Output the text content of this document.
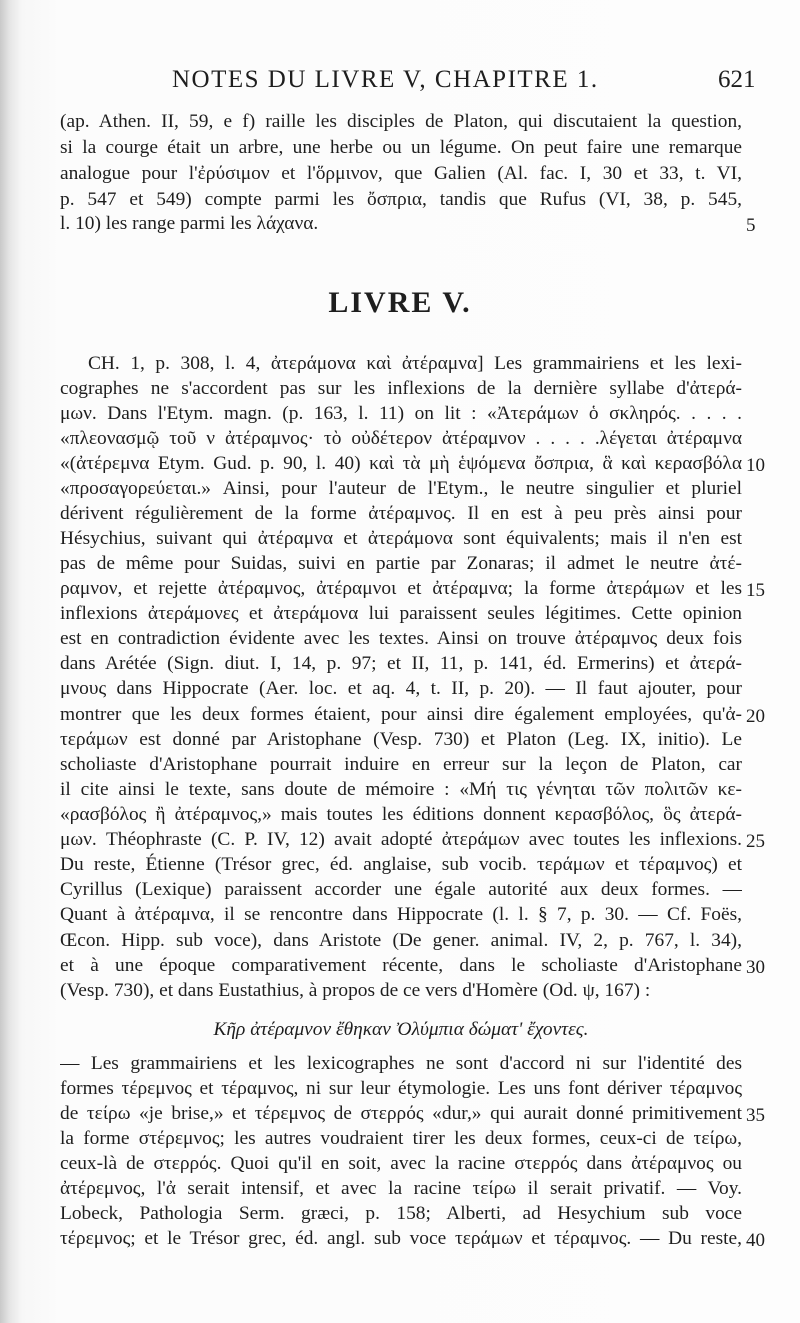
NOTES DU LIVRE V, CHAPITRE 1.	621
(ap. Athen. II, 59, e f) raille les disciples de Platon, qui discutaient la question,
si la courge était un arbre, une herbe ou un légume. On peut faire une remarque
analogue pour l'ἐρύσιμον et l'ὅρμινον, que Galien (Al. fac. I, 30 et 33, t. VI,
p. 547 et 549) compte parmi les ὄσπρια, tandis que Rufus (VI, 38, p. 545,
l. 10) les range parmi les λάχανα.	5
LIVRE V.
CH. 1, p. 308, l. 4, ἀτεράμονα καὶ ἀτέραμνα] Les grammairiens et les lexi-
cographes ne s'accordent pas sur les inflexions de la dernière syllabe d'ἀτερά-
μων. Dans l'Etym. magn. (p. 163, l. 11) on lit : «Ἀτεράμων ὁ σκληρός. . . . .
«πλεονασμῷ τοῦ ν ἀτέραμνος· τὸ οὐδέτερον ἀτέραμνον . . . . .λέγεται ἀτέραμνα
«(ἀτέρεμνα Etym. Gud. p. 90, l. 40) καὶ τὰ μὴ ἑψόμενα ὄσπρια, ἃ καὶ κερασβόλα
«προσαγορεύεται.» Ainsi, pour l'auteur de l'Etym., le neutre singulier et pluriel
dérivent régulièrement de la forme ἀτέραμνος. Il en est à peu près ainsi pour
Hésychius, suivant qui ἀτέραμνα et ἀτεράμονα sont équivalents; mais il n'en est
pas de même pour Suidas, suivi en partie par Zonaras; il admet le neutre ἀτέ-
ραμνον, et rejette ἀτέραμνος, ἀτέραμνοι et ἀτέραμνα; la forme ἀτεράμων et les
inflexions ἀτεράμονες et ἀτεράμονα lui paraissent seules légitimes. Cette opinion
est en contradiction évidente avec les textes. Ainsi on trouve ἀτέραμνος deux fois
dans Arétée (Sign. diut. I, 14, p. 97; et II, 11, p. 141, éd. Ermerins) et ἀτερά-
μνους dans Hippocrate (Aer. loc. et aq. 4, t. II, p. 20). — Il faut ajouter, pour
montrer que les deux formes étaient, pour ainsi dire également employées, qu'ἀ-
τεράμων est donné par Aristophane (Vesp. 730) et Platon (Leg. IX, initio). Le
scholiaste d'Aristophane pourrait induire en erreur sur la leçon de Platon, car
il cite ainsi le texte, sans doute de mémoire : «Μή τις γένηται τῶν πολιτῶν κε-
«ρασβόλος ἢ ἀτέραμνος,» mais toutes les éditions donnent κερασβόλος, ὃς ἀτερά-
μων. Théophraste (C. P. IV, 12) avait adopté ἀτεράμων avec toutes les inflexions.
Du reste, Étienne (Trésor grec, éd. anglaise, sub vocib. τεράμων et τέραμνος) et
Cyrillus (Lexique) paraissent accorder une égale autorité aux deux formes. —
Quant à ἀτέραμνα, il se rencontre dans Hippocrate (l. l. § 7, p. 30. — Cf. Foës,
Œcon. Hipp. sub voce), dans Aristote (De gener. animal. IV, 2, p. 767, l. 34),
et à une époque comparativement récente, dans le scholiaste d'Aristophane
(Vesp. 730), et dans Eustathius, à propos de ce vers d'Homère (Od. ψ, 167) :
10
15
20
25
30
Κῆρ ἀτέραμνον ἔθηκαν Ὀλύμπια δώματ' ἔχοντες.
— Les grammairiens et les lexicographes ne sont d'accord ni sur l'identité des
formes τέρεμνος et τέραμνος, ni sur leur étymologie. Les uns font dériver τέραμνος
de τείρω «je brise,» et τέρεμνος de στερρός «dur,» qui aurait donné primitivement
la forme στέρεμνος; les autres voudraient tirer les deux formes, ceux-ci de τείρω,
ceux-là de στερρός. Quoi qu'il en soit, avec la racine στερρός dans ἀτέραμνος ou
ἀτέρεμνος, l'ἀ serait intensif, et avec la racine τείρω il serait privatif. — Voy.
Lobeck, Pathologia Serm. græci, p. 158; Alberti, ad Hesychium sub voce
τέρεμνος; et le Trésor grec, éd. angl. sub voce τεράμων et τέραμνος. — Du reste,
35
40
